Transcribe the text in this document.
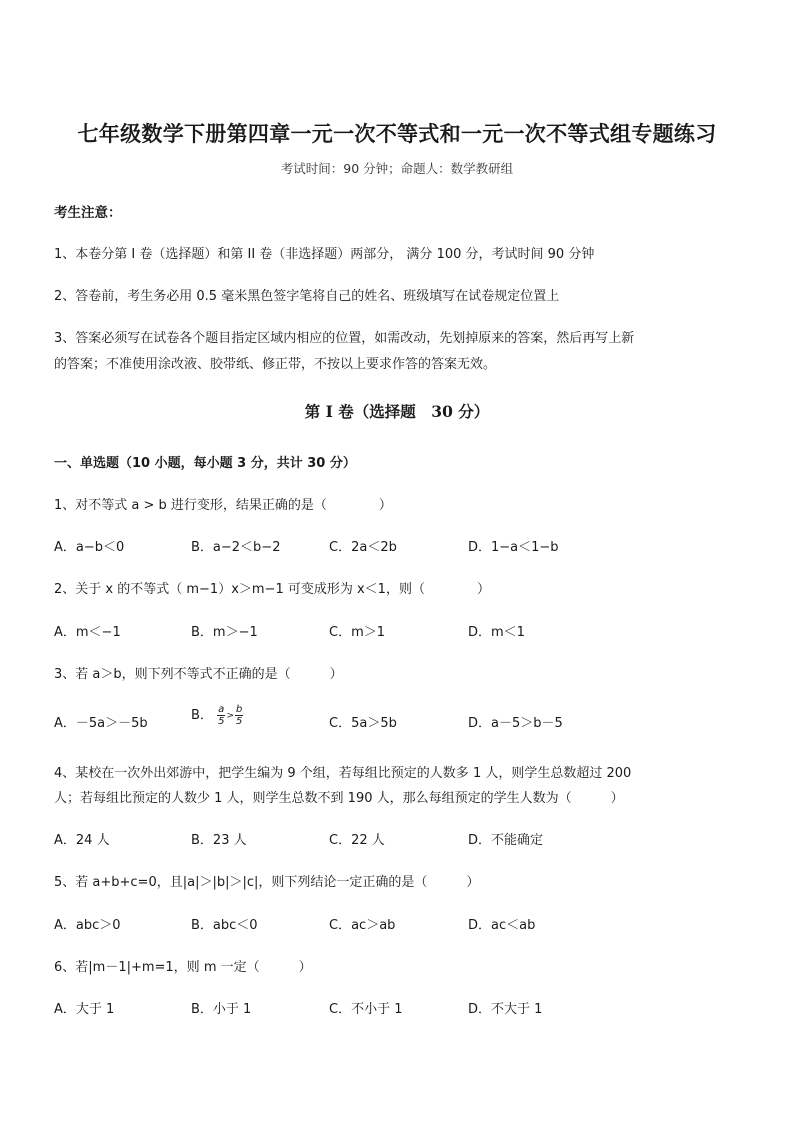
七年级数学下册第四章一元一次不等式和一元一次不等式组专题练习
考试时间：90 分钟；命题人：数学教研组
考生注意：
1、本卷分第 I 卷（选择题）和第 II 卷（非选择题）两部分， 满分 100 分，考试时间 90 分钟
2、答卷前，考生务必用 0.5 毫米黑色签字笔将自己的姓名、班级填写在试卷规定位置上
3、答案必须写在试卷各个题目指定区域内相应的位置，如需改动，先划掉原来的答案，然后再写上新
的答案；不准使用涂改液、胶带纸、修正带，不按以上要求作答的答案无效。
第 I 卷（选择题　30 分）
一、单选题（10 小题，每小题 3 分，共计 30 分）
1、对不等式 a > b 进行变形，结果正确的是（　　　　）
A．a−b＜0	B．a−2＜b−2	C．2a＜2b	D．1−a＜1−b
2、关于 x 的不等式（ m−1）x＞m−1 可变成形为 x＜1，则（　　　　）
A．m＜−1	B．m＞−1	C．m＞1	D．m＜1
3、若 a＞b，则下列不等式不正确的是（　　　）
A．－5a＞－5b
B． $\frac{a}{5} > \frac{b}{5}$	C．5a＞5b	D．a－5＞b－5
4、某校在一次外出郊游中，把学生编为 9 个组，若每组比预定的人数多 1 人，则学生总数超过 200
人；若每组比预定的人数少 1 人，则学生总数不到 190 人，那么每组预定的学生人数为（　　　）
A．24 人	B．23 人	C．22 人	D．不能确定
5、若 a+b+c=0，且|a|＞|b|＞|c|，则下列结论一定正确的是（　　　）
A．abc＞0	B．abc＜0	C．ac＞ab	D．ac＜ab
6、若|m－1|+m=1，则 m 一定（　　　）
A．大于 1	B．小于 1	C．不小于 1	D．不大于 1
